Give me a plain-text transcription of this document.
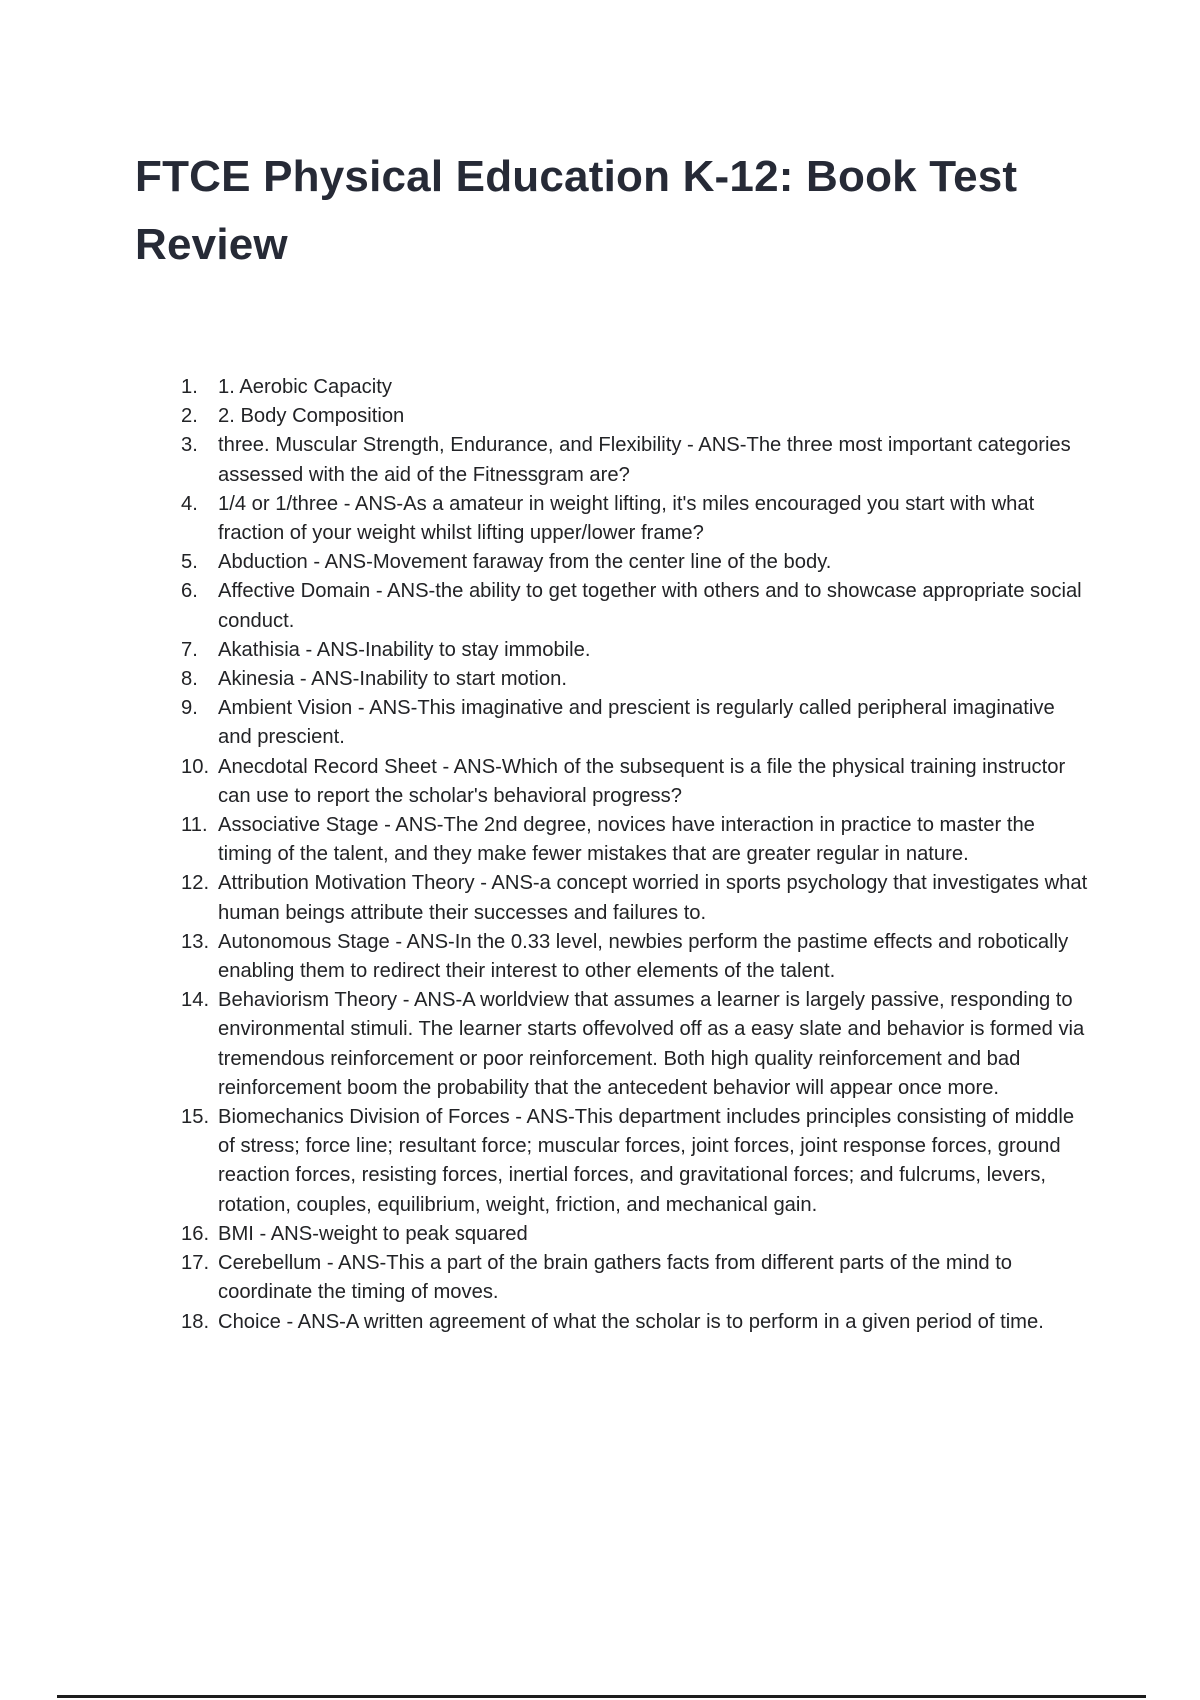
FTCE Physical Education K-12: Book Test Review
1. 1. Aerobic Capacity
2. 2. Body Composition
3. three. Muscular Strength, Endurance, and Flexibility - ANS-The three most important categories assessed with the aid of the Fitnessgram are?
4. 1/4 or 1/three - ANS-As a amateur in weight lifting, it's miles encouraged you start with what fraction of your weight whilst lifting upper/lower frame?
5. Abduction - ANS-Movement faraway from the center line of the body.
6. Affective Domain - ANS-the ability to get together with others and to showcase appropriate social conduct.
7. Akathisia - ANS-Inability to stay immobile.
8. Akinesia - ANS-Inability to start motion.
9. Ambient Vision - ANS-This imaginative and prescient is regularly called peripheral imaginative and prescient.
10. Anecdotal Record Sheet - ANS-Which of the subsequent is a file the physical training instructor can use to report the scholar's behavioral progress?
11. Associative Stage - ANS-The 2nd degree, novices have interaction in practice to master the timing of the talent, and they make fewer mistakes that are greater regular in nature.
12. Attribution Motivation Theory - ANS-a concept worried in sports psychology that investigates what human beings attribute their successes and failures to.
13. Autonomous Stage - ANS-In the 0.33 level, newbies perform the pastime effects and robotically enabling them to redirect their interest to other elements of the talent.
14. Behaviorism Theory - ANS-A worldview that assumes a learner is largely passive, responding to environmental stimuli. The learner starts offevolved off as a easy slate and behavior is formed via tremendous reinforcement or poor reinforcement. Both high quality reinforcement and bad reinforcement boom the probability that the antecedent behavior will appear once more.
15. Biomechanics Division of Forces - ANS-This department includes principles consisting of middle of stress; force line; resultant force; muscular forces, joint forces, joint response forces, ground reaction forces, resisting forces, inertial forces, and gravitational forces; and fulcrums, levers, rotation, couples, equilibrium, weight, friction, and mechanical gain.
16. BMI - ANS-weight to peak squared
17. Cerebellum - ANS-This a part of the brain gathers facts from different parts of the mind to coordinate the timing of moves.
18. Choice - ANS-A written agreement of what the scholar is to perform in a given period of time.
